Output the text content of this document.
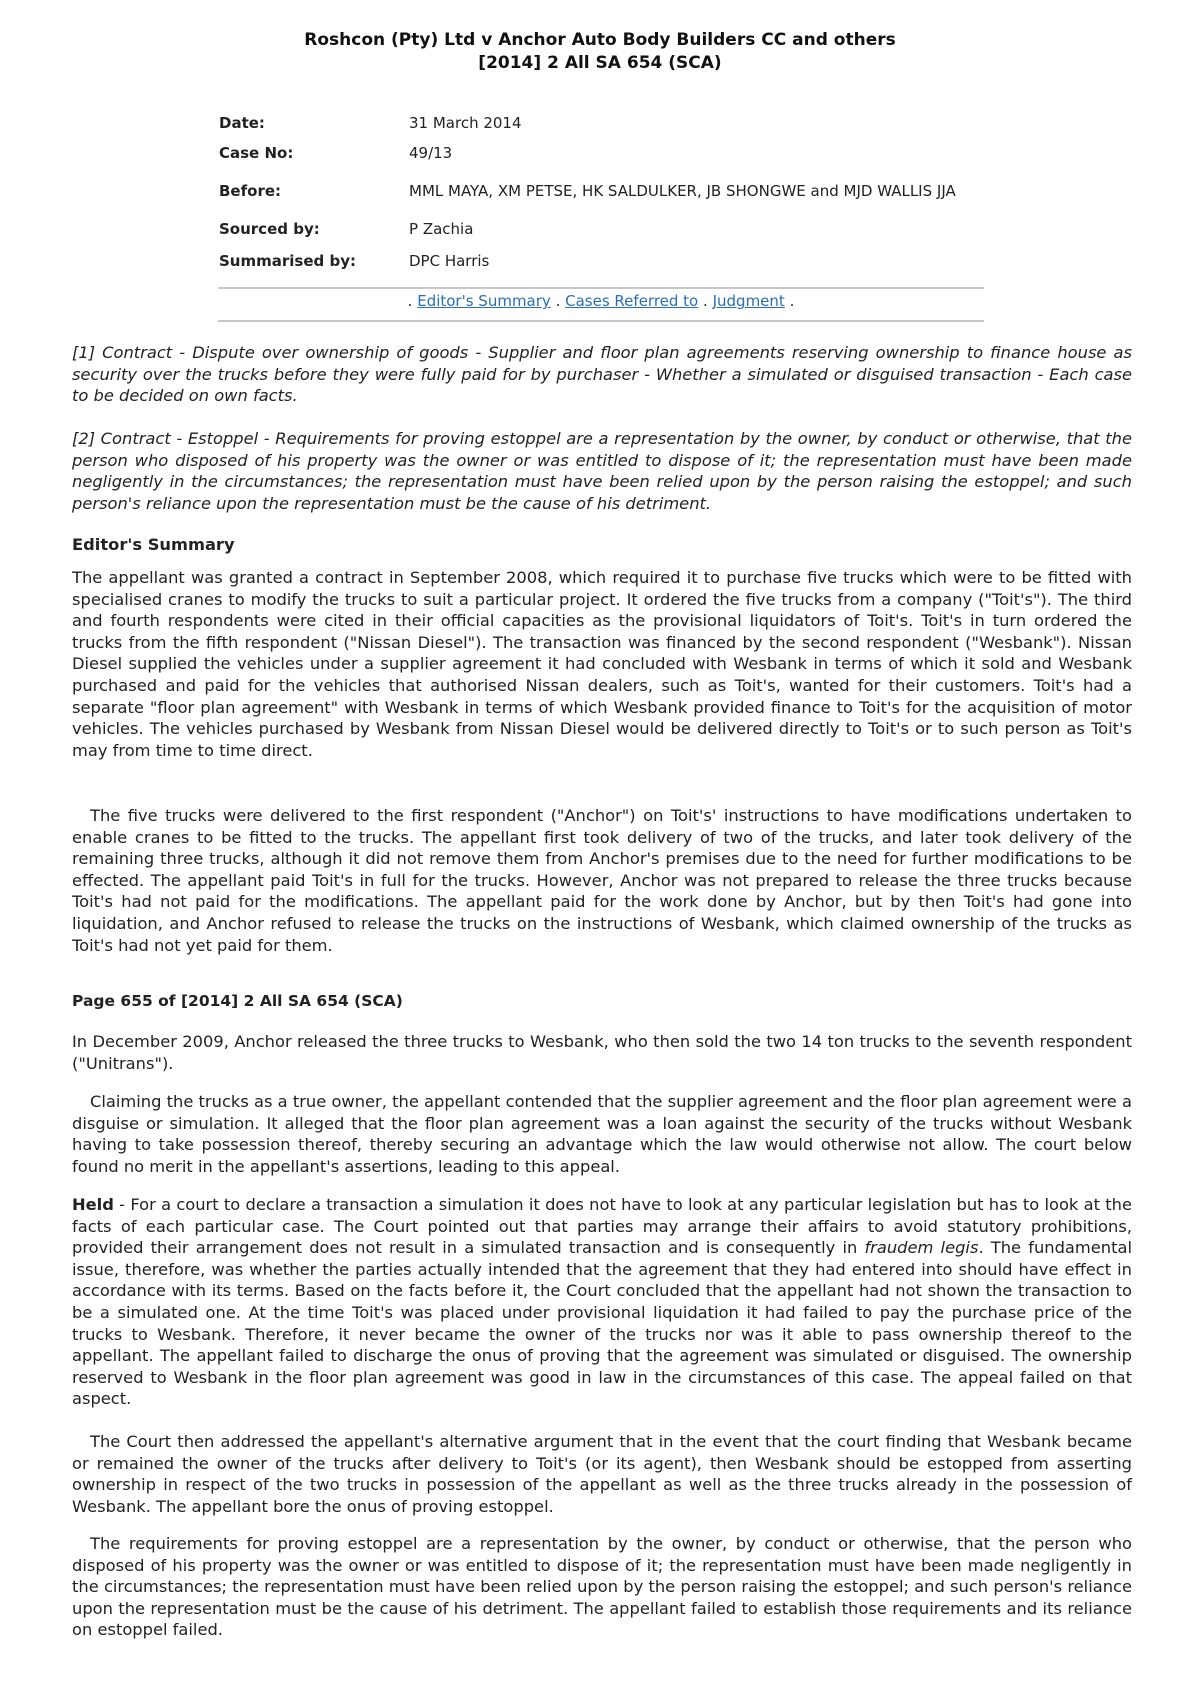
Roshcon (Pty) Ltd v Anchor Auto Body Builders CC and others
[2014] 2 All SA 654 (SCA)
Date:	31 March 2014
Case No:	49/13
Before:	MML MAYA, XM PETSE, HK SALDULKER, JB SHONGWE and MJD WALLIS JJA
Sourced by:	P Zachia
Summarised by:	DPC Harris
. Editor's Summary . Cases Referred to . Judgment .

[1] Contract - Dispute over ownership of goods - Supplier and floor plan agreements reserving ownership to finance house as security over the trucks before they were fully paid for by purchaser - Whether a simulated or disguised transaction - Each case to be decided on own facts.

[2] Contract - Estoppel - Requirements for proving estoppel are a representation by the owner, by conduct or otherwise, that the person who disposed of his property was the owner or was entitled to dispose of it; the representation must have been made negligently in the circumstances; the representation must have been relied upon by the person raising the estoppel; and such person's reliance upon the representation must be the cause of his detriment.

Editor's Summary

The appellant was granted a contract in September 2008, which required it to purchase five trucks which were to be fitted with specialised cranes to modify the trucks to suit a particular project. It ordered the five trucks from a company ("Toit's"). The third and fourth respondents were cited in their official capacities as the provisional liquidators of Toit's. Toit's in turn ordered the trucks from the fifth respondent ("Nissan Diesel"). The transaction was financed by the second respondent ("Wesbank"). Nissan Diesel supplied the vehicles under a supplier agreement it had concluded with Wesbank in terms of which it sold and Wesbank purchased and paid for the vehicles that authorised Nissan dealers, such as Toit's, wanted for their customers. Toit's had a separate "floor plan agreement" with Wesbank in terms of which Wesbank provided finance to Toit's for the acquisition of motor vehicles. The vehicles purchased by Wesbank from Nissan Diesel would be delivered directly to Toit's or to such person as Toit's may from time to time direct.

The five trucks were delivered to the first respondent ("Anchor") on Toit's' instructions to have modifications undertaken to enable cranes to be fitted to the trucks. The appellant first took delivery of two of the trucks, and later took delivery of the remaining three trucks, although it did not remove them from Anchor's premises due to the need for further modifications to be effected. The appellant paid Toit's in full for the trucks. However, Anchor was not prepared to release the three trucks because Toit's had not paid for the modifications. The appellant paid for the work done by Anchor, but by then Toit's had gone into liquidation, and Anchor refused to release the trucks on the instructions of Wesbank, which claimed ownership of the trucks as Toit's had not yet paid for them.

Page 655 of [2014] 2 All SA 654 (SCA)

In December 2009, Anchor released the three trucks to Wesbank, who then sold the two 14 ton trucks to the seventh respondent ("Unitrans").

Claiming the trucks as a true owner, the appellant contended that the supplier agreement and the floor plan agreement were a disguise or simulation. It alleged that the floor plan agreement was a loan against the security of the trucks without Wesbank having to take possession thereof, thereby securing an advantage which the law would otherwise not allow. The court below found no merit in the appellant's assertions, leading to this appeal.

Held - For a court to declare a transaction a simulation it does not have to look at any particular legislation but has to look at the facts of each particular case. The Court pointed out that parties may arrange their affairs to avoid statutory prohibitions, provided their arrangement does not result in a simulated transaction and is consequently in fraudem legis. The fundamental issue, therefore, was whether the parties actually intended that the agreement that they had entered into should have effect in accordance with its terms. Based on the facts before it, the Court concluded that the appellant had not shown the transaction to be a simulated one. At the time Toit's was placed under provisional liquidation it had failed to pay the purchase price of the trucks to Wesbank. Therefore, it never became the owner of the trucks nor was it able to pass ownership thereof to the appellant. The appellant failed to discharge the onus of proving that the agreement was simulated or disguised. The ownership reserved to Wesbank in the floor plan agreement was good in law in the circumstances of this case. The appeal failed on that aspect.

The Court then addressed the appellant's alternative argument that in the event that the court finding that Wesbank became or remained the owner of the trucks after delivery to Toit's (or its agent), then Wesbank should be estopped from asserting ownership in respect of the two trucks in possession of the appellant as well as the three trucks already in the possession of Wesbank. The appellant bore the onus of proving estoppel.

The requirements for proving estoppel are a representation by the owner, by conduct or otherwise, that the person who disposed of his property was the owner or was entitled to dispose of it; the representation must have been made negligently in the circumstances; the representation must have been relied upon by the person raising the estoppel; and such person's reliance upon the representation must be the cause of his detriment. The appellant failed to establish those requirements and its reliance on estoppel failed.
